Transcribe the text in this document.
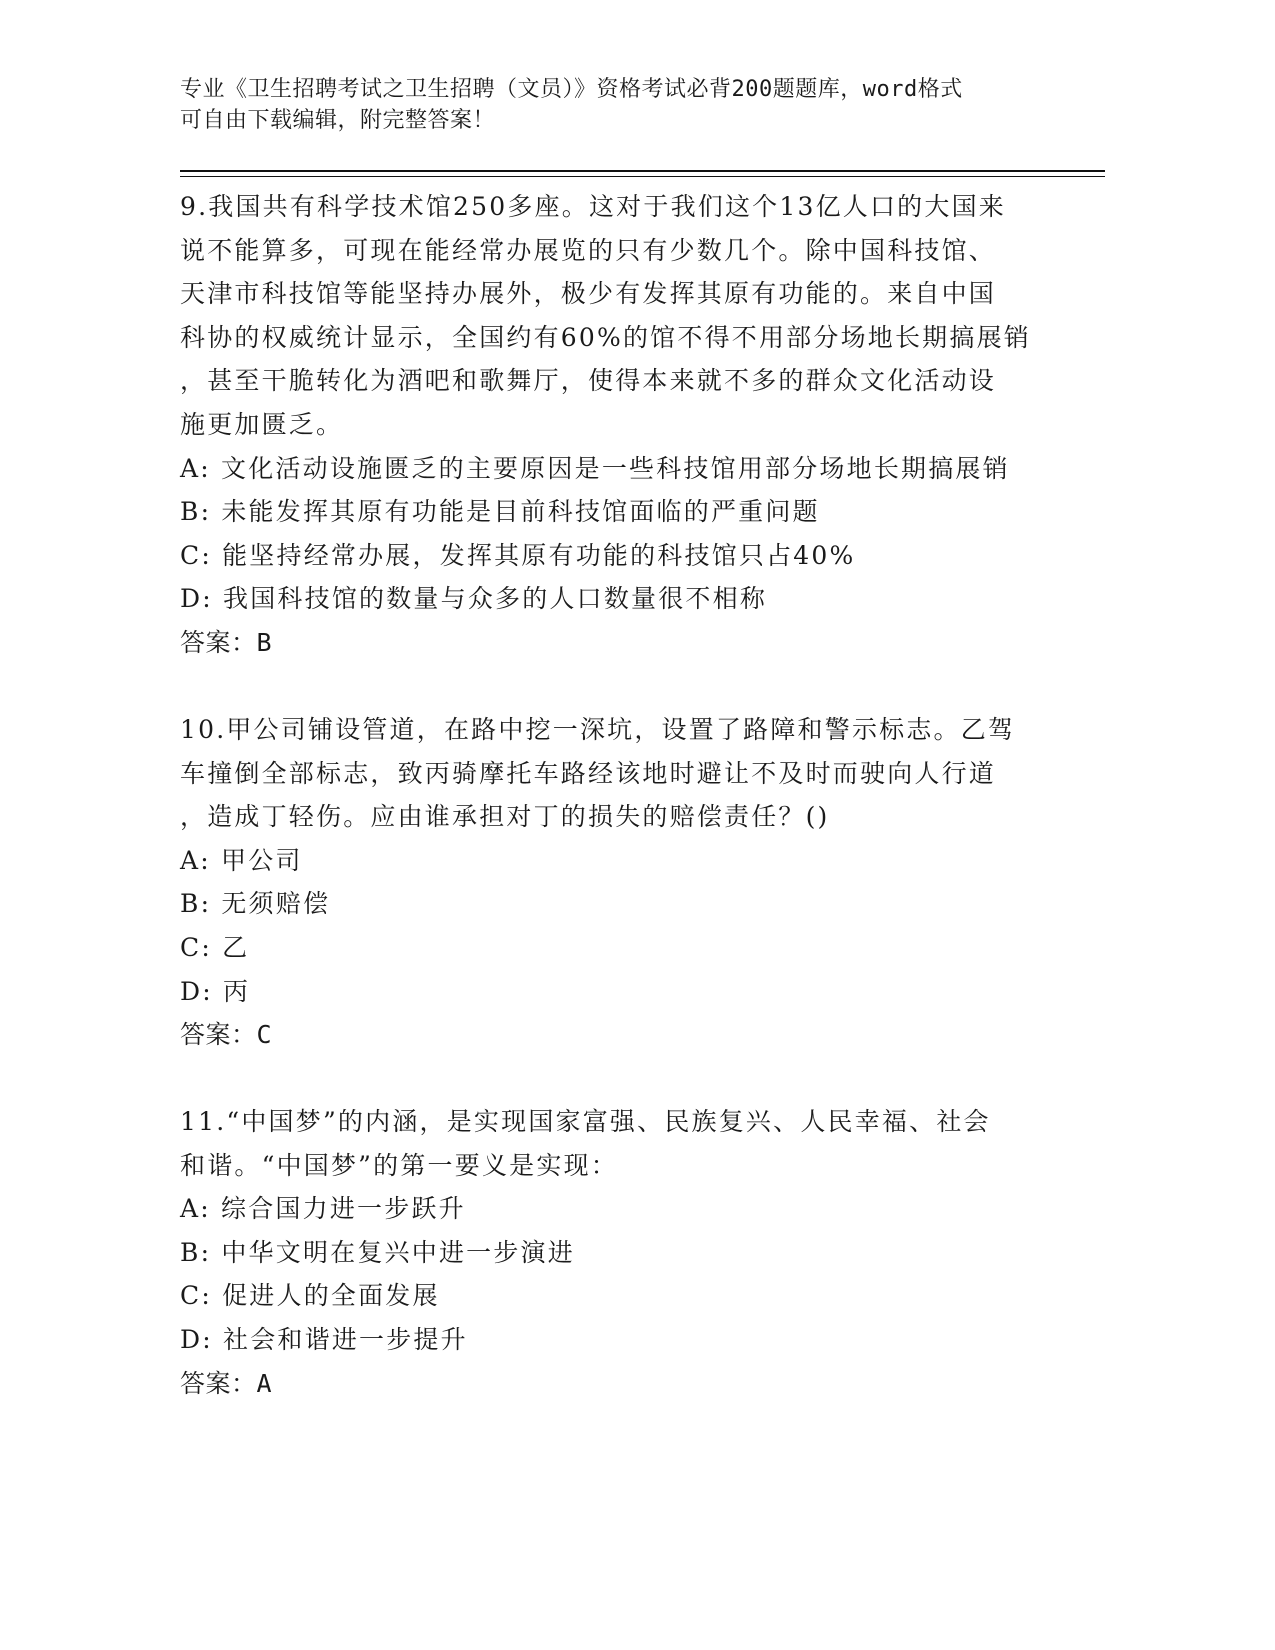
专业《卫生招聘考试之卫生招聘（文员）》资格考试必背200题题库，word格式
可自由下载编辑，附完整答案！
9.我国共有科学技术馆250多座。这对于我们这个13亿人口的大国来
说不能算多，可现在能经常办展览的只有少数几个。除中国科技馆、
天津市科技馆等能坚持办展外，极少有发挥其原有功能的。来自中国
科协的权威统计显示，全国约有60%的馆不得不用部分场地长期搞展销
，甚至干脆转化为酒吧和歌舞厅，使得本来就不多的群众文化活动设
施更加匮乏。
A: 文化活动设施匮乏的主要原因是一些科技馆用部分场地长期搞展销
B: 未能发挥其原有功能是目前科技馆面临的严重问题
C: 能坚持经常办展，发挥其原有功能的科技馆只占40%
D: 我国科技馆的数量与众多的人口数量很不相称
答案：B
10.甲公司铺设管道，在路中挖一深坑，设置了路障和警示标志。乙驾
车撞倒全部标志，致丙骑摩托车路经该地时避让不及时而驶向人行道
，造成丁轻伤。应由谁承担对丁的损失的赔偿责任？()
A: 甲公司
B: 无须赔偿
C: 乙
D: 丙
答案：C
11.“中国梦”的内涵，是实现国家富强、民族复兴、人民幸福、社会
和谐。“中国梦”的第一要义是实现：
A: 综合国力进一步跃升
B: 中华文明在复兴中进一步演进
C: 促进人的全面发展
D: 社会和谐进一步提升
答案：A
